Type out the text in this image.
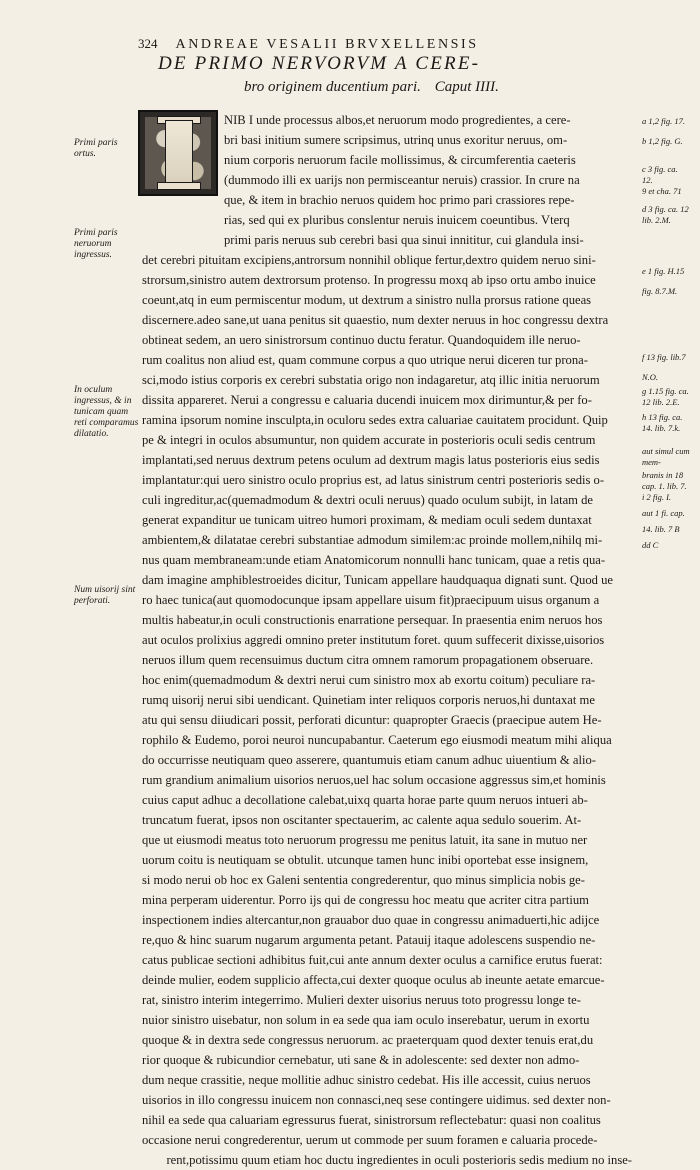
324 ANDREAE VESALII BRVXELLENSIS
DE PRIMO NERVORVM A CERE-
bro originem ducentium pari. Caput IIII.
NIB I unde processus albos,et neruorum modo progredientes, a cere-
bri basi initium sumere scripsimus, utrinq unus exoritur neruus, om-
nium corporis neruorum facile mollissimus, & circumferentia caeteris
(dummodo illi ex uarijs non permisceantur neruis) crassior. In crure na
que, & item in brachio neruos quidem hoc primo pari crassiores repe-
rias, sed qui ex pluribus conslentur neruis inuicem coeuntibus. Vterq
primi paris neruus sub cerebri basi qua sinui innititur, cui glandula insi-
det cerebri pituitam excipiens,antrorsum nonnihil oblique fertur,dextro quidem neruo sini-
strorsum,sinistro autem dextrorsum protenso. In progressu moxq ab ipso ortu ambo inuice
coeunt,atq in eum permiscentur modum, ut dextrum a sinistro nulla prorsus ratione queas
discernere.adeo sane,ut uana penitus sit quaestio, num dexter neruus in hoc congressu dextra
obtineat sedem, an uero sinistrorsum continuo ductu feratur. Quandoquidem ille neruo-
rum coalitus non aliud est, quam commune corpus a quo utrique nerui diceren tur prona-
sci,modo istius corporis ex cerebri substatia origo non indagaretur, atq illic initia neruorum
dissita appareret. Nerui a congressu e caluaria ducendi inuicem mox dirimuntur,& per fo-
ramina ipsorum nomine insculpta,in oculoru sedes extra caluariae cauitatem procidunt. Quip
pe & integri in oculos absumuntur, non quidem accurate in posterioris oculi sedis centrum
implantati,sed neruus dextrum petens oculum ad dextrum magis latus posterioris eius sedis
implantatur:qui uero sinistro oculo proprius est, ad latus sinistrum centri posterioris sedis o-
culi ingreditur,ac(quemadmodum & dextri oculi neruus) quado oculum subijt, in latam de
generat expanditur ue tunicam uitreo humori proximam, & mediam oculi sedem duntaxat
ambientem,& dilatatae cerebri substantiae admodum similem:ac proinde mollem,nihilq mi-
nus quam membraneam:unde etiam Anatomicorum nonnulli hanc tunicam, quae a retis qua-
dam imagine amphiblestroeides dicitur, Tunicam appellare haudquaqua dignati sunt. Quod ue
ro haec tunica(aut quomodocunque ipsam appellare uisum fit)praecipuum uisus organum a
multis habeatur,in oculi constructionis enarratione persequar. In praesentia enim neruos hos
aut oculos prolixius aggredi omnino preter institutum foret. quum suffecerit dixisse,uisorios
neruos illum quem recensuimus ductum citra omnem ramorum propagationem obseruare.
hoc enim(quemadmodum & dextri nerui cum sinistro mox ab exortu coitum) peculiare ra-
rumq uisorij nerui sibi uendicant. Quinetiam inter reliquos corporis neruos,hi duntaxat me
atu qui sensu diiudicari possit, perforati dicuntur: quapropter Graecis (praecipue autem He-
rophilo & Eudemo, poroi neuroi nuncupabantur. Caeterum ego eiusmodi meatum mihi aliqua
do occurrisse neutiquam queo asserere, quantumuis etiam canum adhuc uiuentium & alio-
rum grandium animalium uisorios neruos,uel hac solum occasione aggressus sim,et hominis
cuius caput adhuc a decollatione calebat,uixq quarta horae parte quum neruos intueri ab-
truncatum fuerat, ipsos non oscitanter spectauerim, ac calente aqua sedulo souerim. At-
que ut eiusmodi meatus toto neruorum progressu me penitus latuit, ita sane in mutuo ner
uorum coitu is neutiquam se obtulit. utcunque tamen hunc inibi oportebat esse insignem,
si modo nerui ob hoc ex Galeni sententia congrederentur, quo minus simplicia nobis ge-
mina perperam uiderentur. Porro ijs qui de congressu hoc meatu que acriter citra partium
inspectionem indies altercantur,non grauabor duo quae in congressu animaduerti,hic adijce
re,quo & hinc suarum nugarum argumenta petant. Patauij itaque adolescens suspendio ne-
catus publicae sectioni adhibitus fuit,cui ante annum dexter oculus a carnifice erutus fuerat:
deinde mulier, eodem supplicio affecta,cui dexter quoque oculus ab ineunte aetate emarcue-
rat, sinistro interim integerrimo. Mulieri dexter uisorius neruus toto progressu longe te-
nuior sinistro uisebatur, non solum in ea sede qua iam oculo inserebatur, uerum in exortu
quoque & in dextra sede congressus neruorum. ac praeterquam quod dexter tenuis erat,du
rior quoque & rubicundior cernebatur, uti sane & in adolescente: sed dexter non admo-
dum neque crassitie, neque mollitie adhuc sinistro cedebat. His ille accessit, cuius neruos
uisorios in illo congressu inuicem non connasci,neq sese contingere uidimus. sed dexter non-
nihil ea sede qua caluariam egressurus fuerat, sinistrorsum reflectebatur: quasi non coalitus
occasione nerui congrederentur, uerum ut commode per suum foramen e caluaria procede-
rent,potissimu quum etiam hoc ductu ingredientes in oculi posterioris sedis medium no inse-
Primi paris ortus.
Primi paris neruorum ingressus.
In oculum ingressus, & in tunicam quam reti comparamus dilatatio.
Num uisorij sint perforati.
a 1,2 fig. 17.
b 1,2 fig. G.
c 3 fig. ca. 12.
9 et cha. 71
d 3 fig. ca. 12 lib. 2.M.
e 1 fig. H.15
fig. 8.7.M.
f 13 fig. lib.7
N.O.
g 1.15 fig. ca. 12 lib. 2.E.
h 13 fig. ca. 14. lib. 7.k.
aut simul cum mem-
branis in 18 cap. 1. lib. 7.
i 2 fig. I.
aut 1 fi. cap.
14. lib. 7 B
dd C
